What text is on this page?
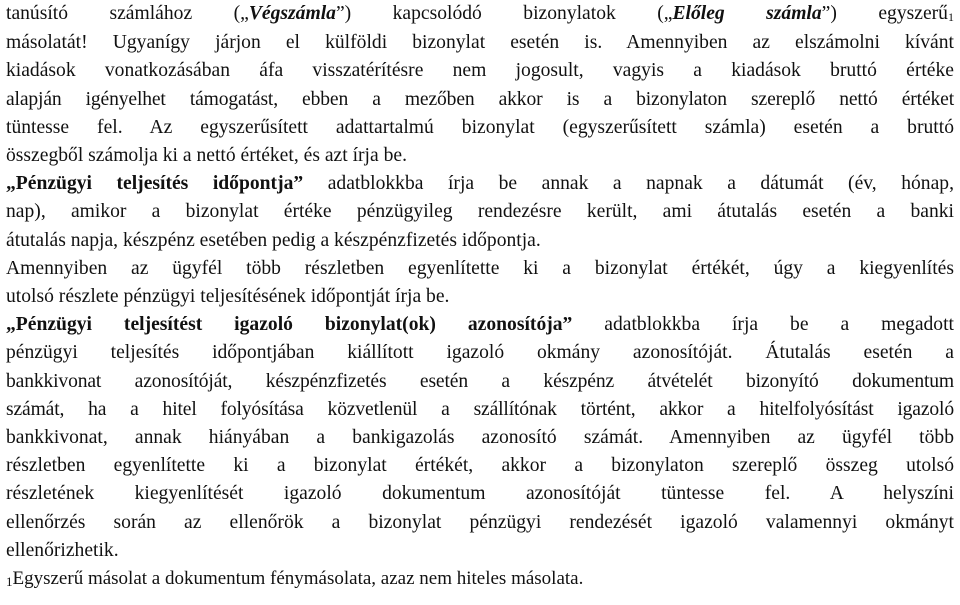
tanúsító számlához („Végszámla”) kapcsolódó bizonylatok („Előleg számla”) egyszerű1
másolatát! Ugyanígy járjon el külföldi bizonylat esetén is. Amennyiben az elszámolni kívánt
kiadások vonatkozásában áfa visszatérítésre nem jogosult, vagyis a kiadások bruttó értéke
alapján igényelhet támogatást, ebben a mezőben akkor is a bizonylaton szereplő nettó értéket
tüntesse fel. Az egyszerűsített adattartalmú bizonylat (egyszerűsített számla) esetén a bruttó
összegből számolja ki a nettó értéket, és azt írja be.

„Pénzügyi teljesítés időpontja” adatblokkba írja be annak a napnak a dátumát (év, hónap,
nap), amikor a bizonylat értéke pénzügyileg rendezésre került, ami átutalás esetén a banki
átutalás napja, készpénz esetében pedig a készpénzfizetés időpontja.

Amennyiben az ügyfél több részletben egyenlítette ki a bizonylat értékét, úgy a kiegyenlítés
utolsó részlete pénzügyi teljesítésének időpontját írja be.

„Pénzügyi teljesítést igazoló bizonylat(ok) azonosítója” adatblokkba írja be a megadott
pénzügyi teljesítés időpontjában kiállított igazoló okmány azonosítóját. Átutalás esetén a
bankkivonat azonosítóját, készpénzfizetés esetén a készpénz átvételét bizonyító dokumentum
számát, ha a hitel folyósítása közvetlenül a szállítónak történt, akkor a hitelfolyósítást igazoló
bankkivonat, annak hiányában a bankigazolás azonosító számát. Amennyiben az ügyfél több
részletben egyenlítette ki a bizonylat értékét, akkor a bizonylaton szereplő összeg utolsó
részletének kiegyenlítését igazoló dokumentum azonosítóját tüntesse fel. A helyszíni
ellenőrzés során az ellenőrök a bizonylat pénzügyi rendezését igazoló valamennyi okmányt
ellenőrizhetik.

1Egyszerű másolat a dokumentum fénymásolata, azaz nem hiteles másolata.
